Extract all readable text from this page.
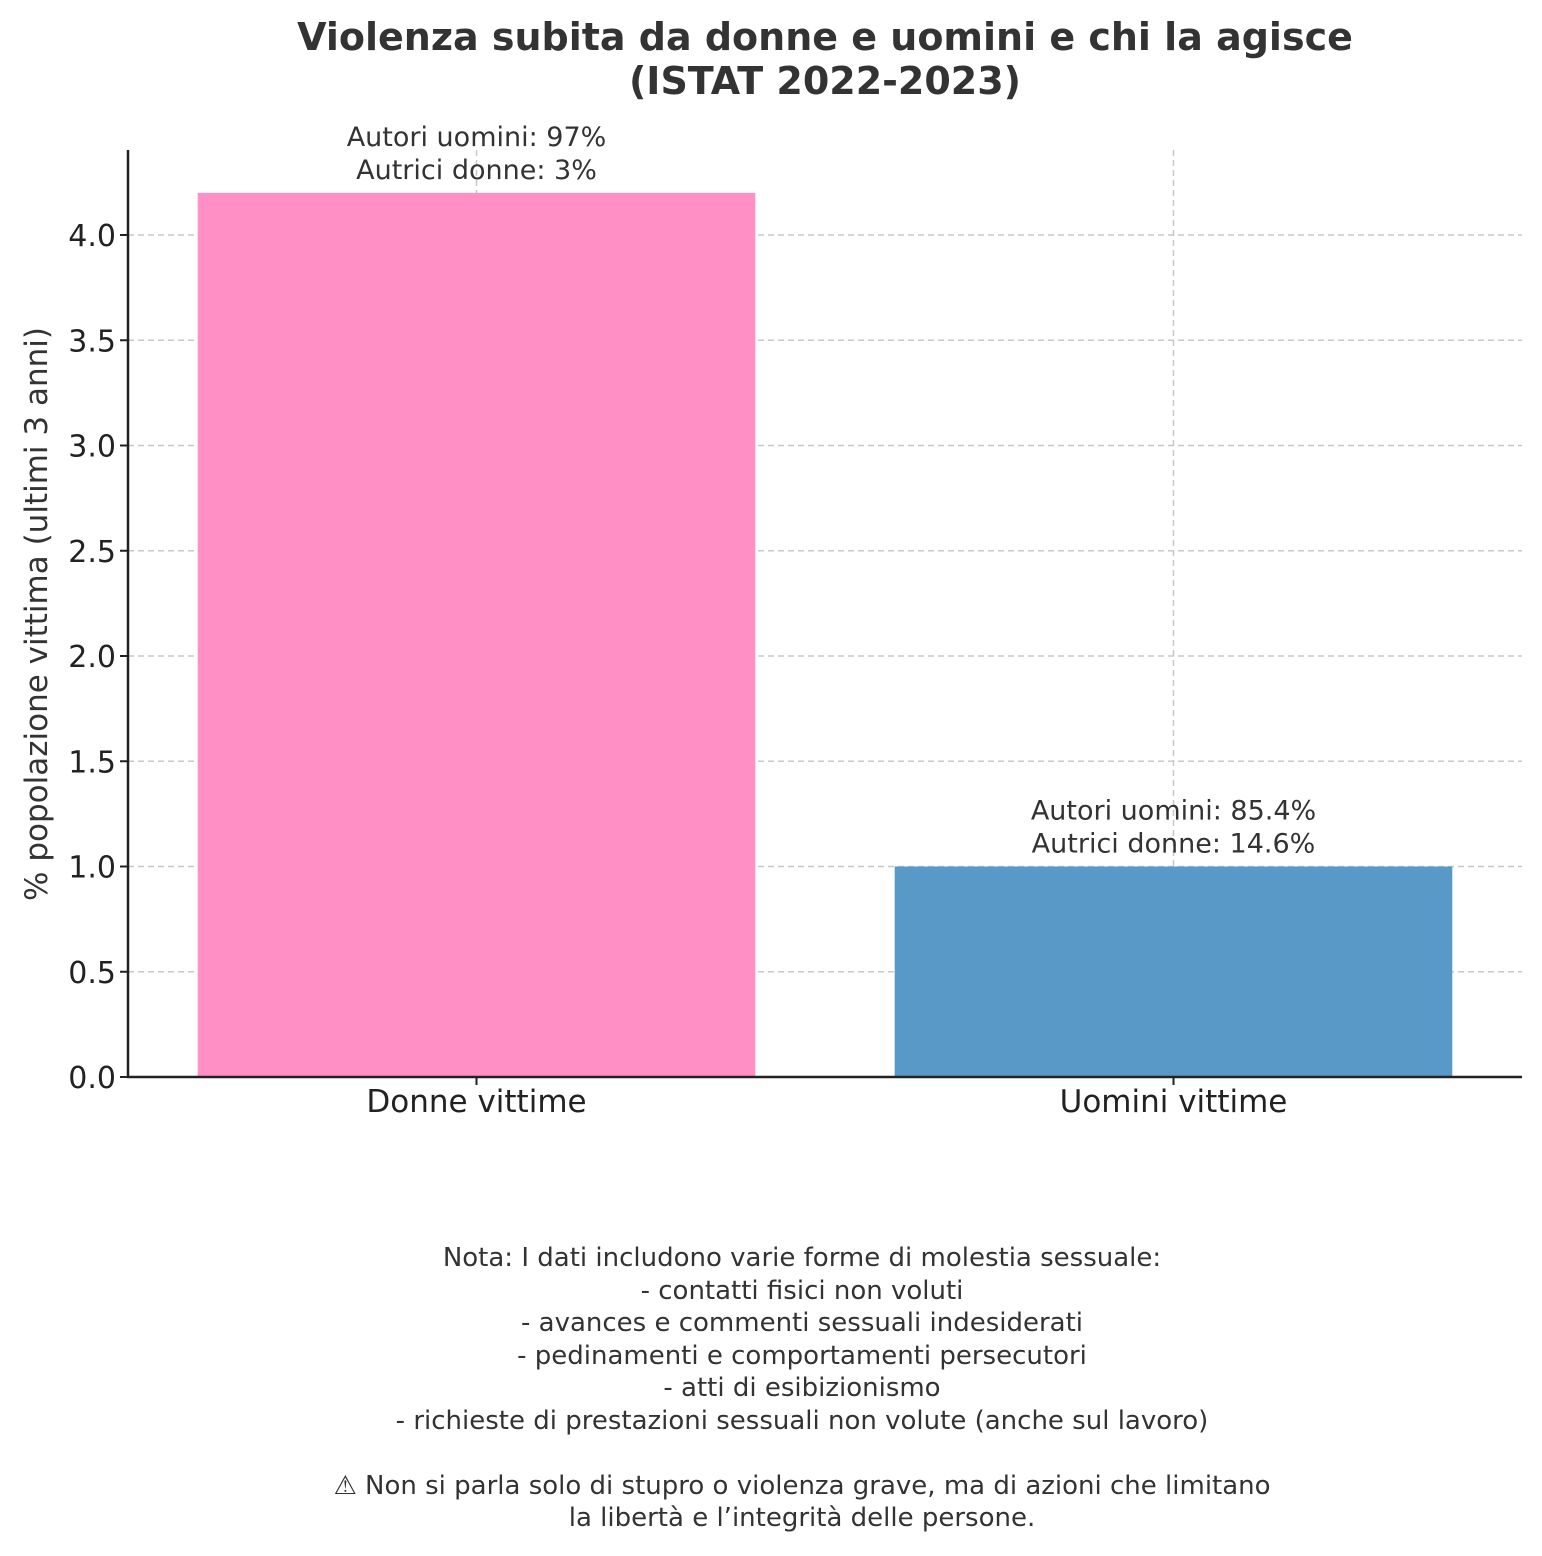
Violenza subita da donne e uomini e chi la agisce
(ISTAT 2022-2023)
Autori uomini: 97%
Autrici donne: 3%
Autori uomini: 85.4%
Autrici donne: 14.6%
0.0
0.5
1.0
1.5
2.0
2.5
3.0
3.5
4.0
Donne vittime	Uomini vittime
% popolazione vittima (ultimi 3 anni)
Nota: I dati includono varie forme di molestia sessuale:
- contatti fisici non voluti
- avances e commenti sessuali indesiderati
- pedinamenti e comportamenti persecutori
- atti di esibizionismo
- richieste di prestazioni sessuali non volute (anche sul lavoro)
⚠ Non si parla solo di stupro o violenza grave, ma di azioni che limitano
la libertà e l’integrità delle persone.
